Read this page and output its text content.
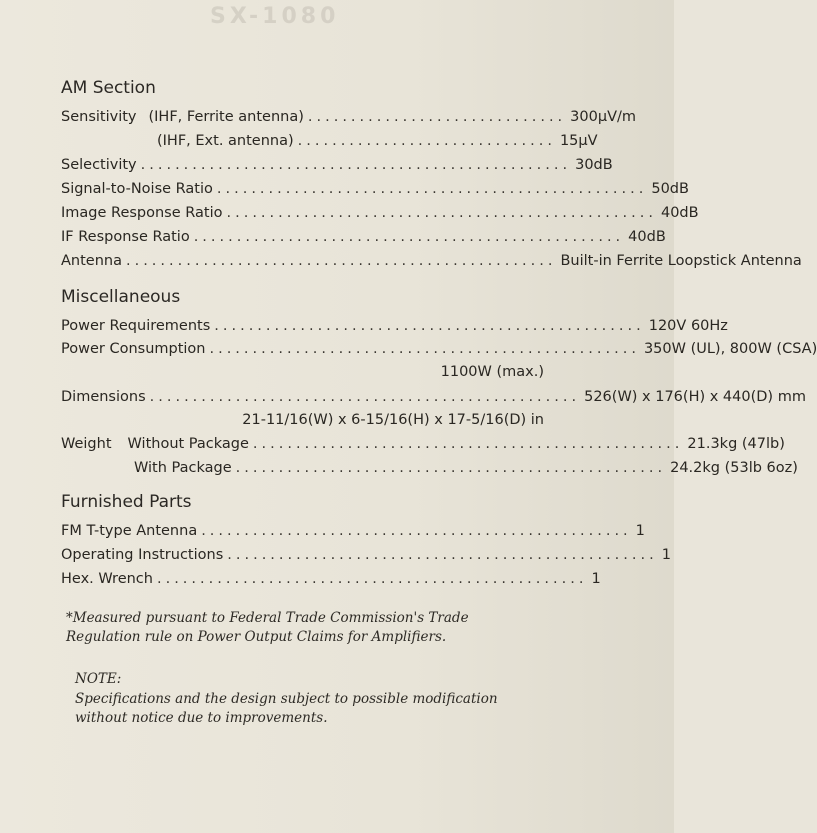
SX-1080
AM Section
Sensitivity (IHF, Ferrite antenna) .............................. 300μV/m
(IHF, Ext. antenna) .............................. 15μV
Selectivity .................................................. 30dB
Signal-to-Noise Ratio .................................................. 50dB
Image Response Ratio .................................................. 40dB
IF Response Ratio .................................................. 40dB
Antenna .................................................. Built-in Ferrite Loopstick Antenna
Miscellaneous
Power Requirements .................................................. 120V 60Hz
Power Consumption .................................................. 350W (UL), 800W (CSA)
1100W (max.)
Dimensions .................................................. 526(W) x 176(H) x 440(D) mm
21-11/16(W) x 6-15/16(H) x 17-5/16(D) in
Weight Without Package .................................................. 21.3kg (47lb)
With Package .................................................. 24.2kg (53lb 6oz)
Furnished Parts
FM T-type Antenna .................................................. 1
Operating Instructions .................................................. 1
Hex. Wrench .................................................. 1
*Measured pursuant to Federal Trade Commission's Trade Regulation rule on Power Output Claims for Amplifiers.
NOTE:
Specifications and the design subject to possible modification without notice due to improvements.
